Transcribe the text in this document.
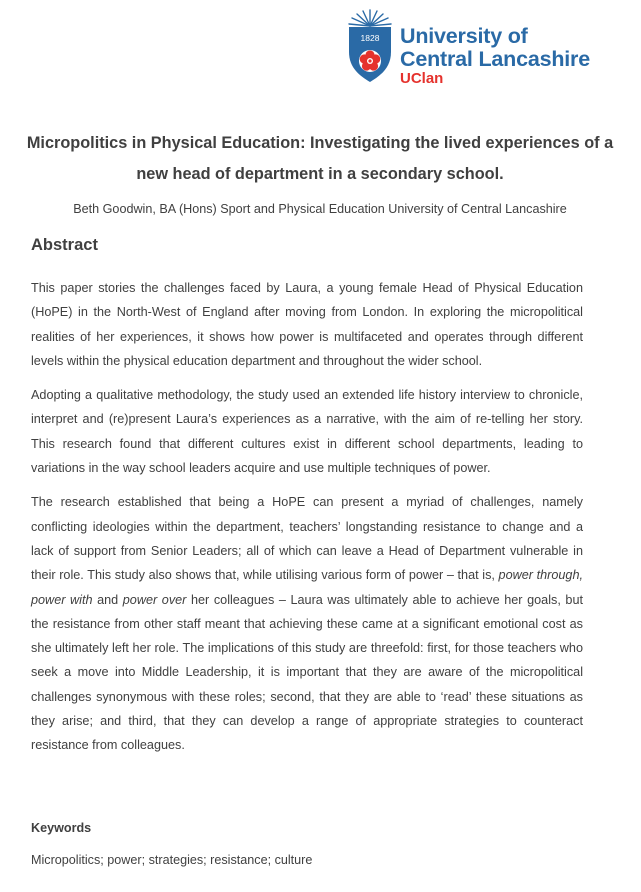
1828 University of
Central Lancashire
UClan
Micropolitics in Physical Education: Investigating the lived experiences of a new head of department in a secondary school.
Beth Goodwin, BA (Hons) Sport and Physical Education University of Central Lancashire
Abstract

This paper stories the challenges faced by Laura, a young female Head of Physical Education (HoPE) in the North-West of England after moving from London. In exploring the micropolitical realities of her experiences, it shows how power is multifaceted and operates through different levels within the physical education department and throughout the wider school.

Adopting a qualitative methodology, the study used an extended life history interview to chronicle, interpret and (re)present Laura’s experiences as a narrative, with the aim of re-telling her story. This research found that different cultures exist in different school departments, leading to variations in the way school leaders acquire and use multiple techniques of power.

The research established that being a HoPE can present a myriad of challenges, namely conflicting ideologies within the department, teachers’ longstanding resistance to change and a lack of support from Senior Leaders; all of which can leave a Head of Department vulnerable in their role. This study also shows that, while utilising various form of power – that is, power through, power with and power over her colleagues – Laura was ultimately able to achieve her goals, but the resistance from other staff meant that achieving these came at a significant emotional cost as she ultimately left her role. The implications of this study are threefold: first, for those teachers who seek a move into Middle Leadership, it is important that they are aware of the micropolitical challenges synonymous with these roles; second, that they are able to ‘read’ these situations as they arise; and third, that they can develop a range of appropriate strategies to counteract resistance from colleagues.

Keywords
Micropolitics; power; strategies; resistance; culture
